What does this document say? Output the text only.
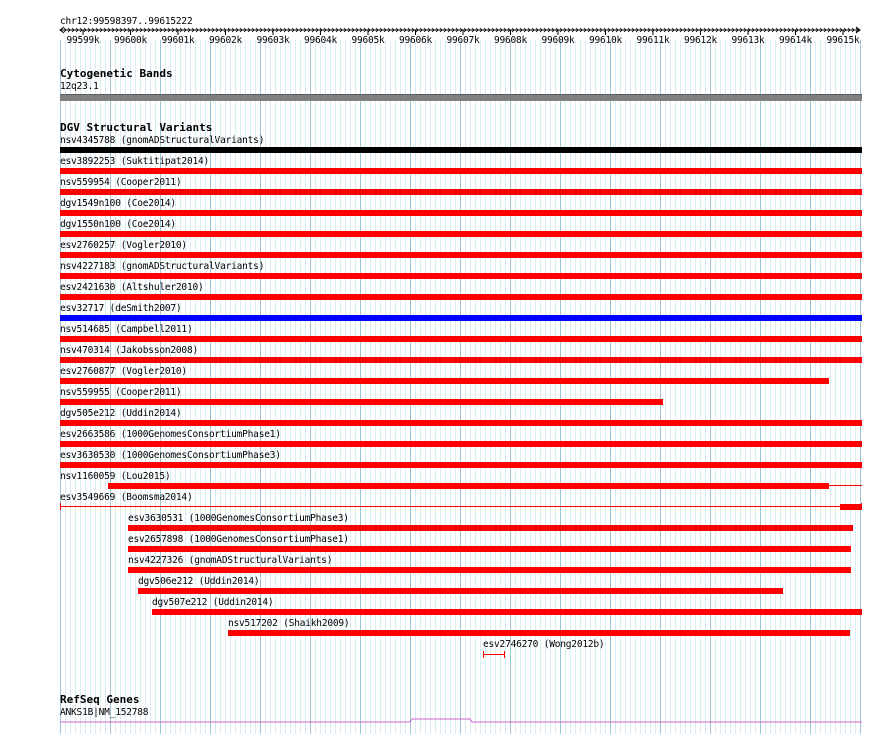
chr12:99598397..99615222
99599k 99600k 99601k 99602k 99603k 99604k 99605k 99606k 99607k 99608k 99609k 99610k 99611k 99612k 99613k 99614k 99615k
Cytogenetic Bands
12q23.1
DGV Structural Variants
nsv4345788 (gnomADStructuralVariants)
esv3892253 (Suktitipat2014)
nsv559954 (Cooper2011)
dgv1549n100 (Coe2014)
dgv1550n100 (Coe2014)
esv2760257 (Vogler2010)
nsv4227183 (gnomADStructuralVariants)
esv2421630 (Altshuler2010)
esv32717 (deSmith2007)
nsv514685 (Campbell2011)
nsv470314 (Jakobsson2008)
esv2760877 (Vogler2010)
nsv559955 (Cooper2011)
dgv505e212 (Uddin2014)
esv2663586 (1000GenomesConsortiumPhase1)
esv3630530 (1000GenomesConsortiumPhase3)
nsv1160059 (Lou2015)
esv3549669 (Boomsma2014)
esv3630531 (1000GenomesConsortiumPhase3)
esv2657898 (1000GenomesConsortiumPhase1)
nsv4227326 (gnomADStructuralVariants)
dgv506e212 (Uddin2014)
dgv507e212 (Uddin2014)
nsv517202 (Shaikh2009)
esv2746270 (Wong2012b)
RefSeq Genes
ANKS1B|NM_152788
